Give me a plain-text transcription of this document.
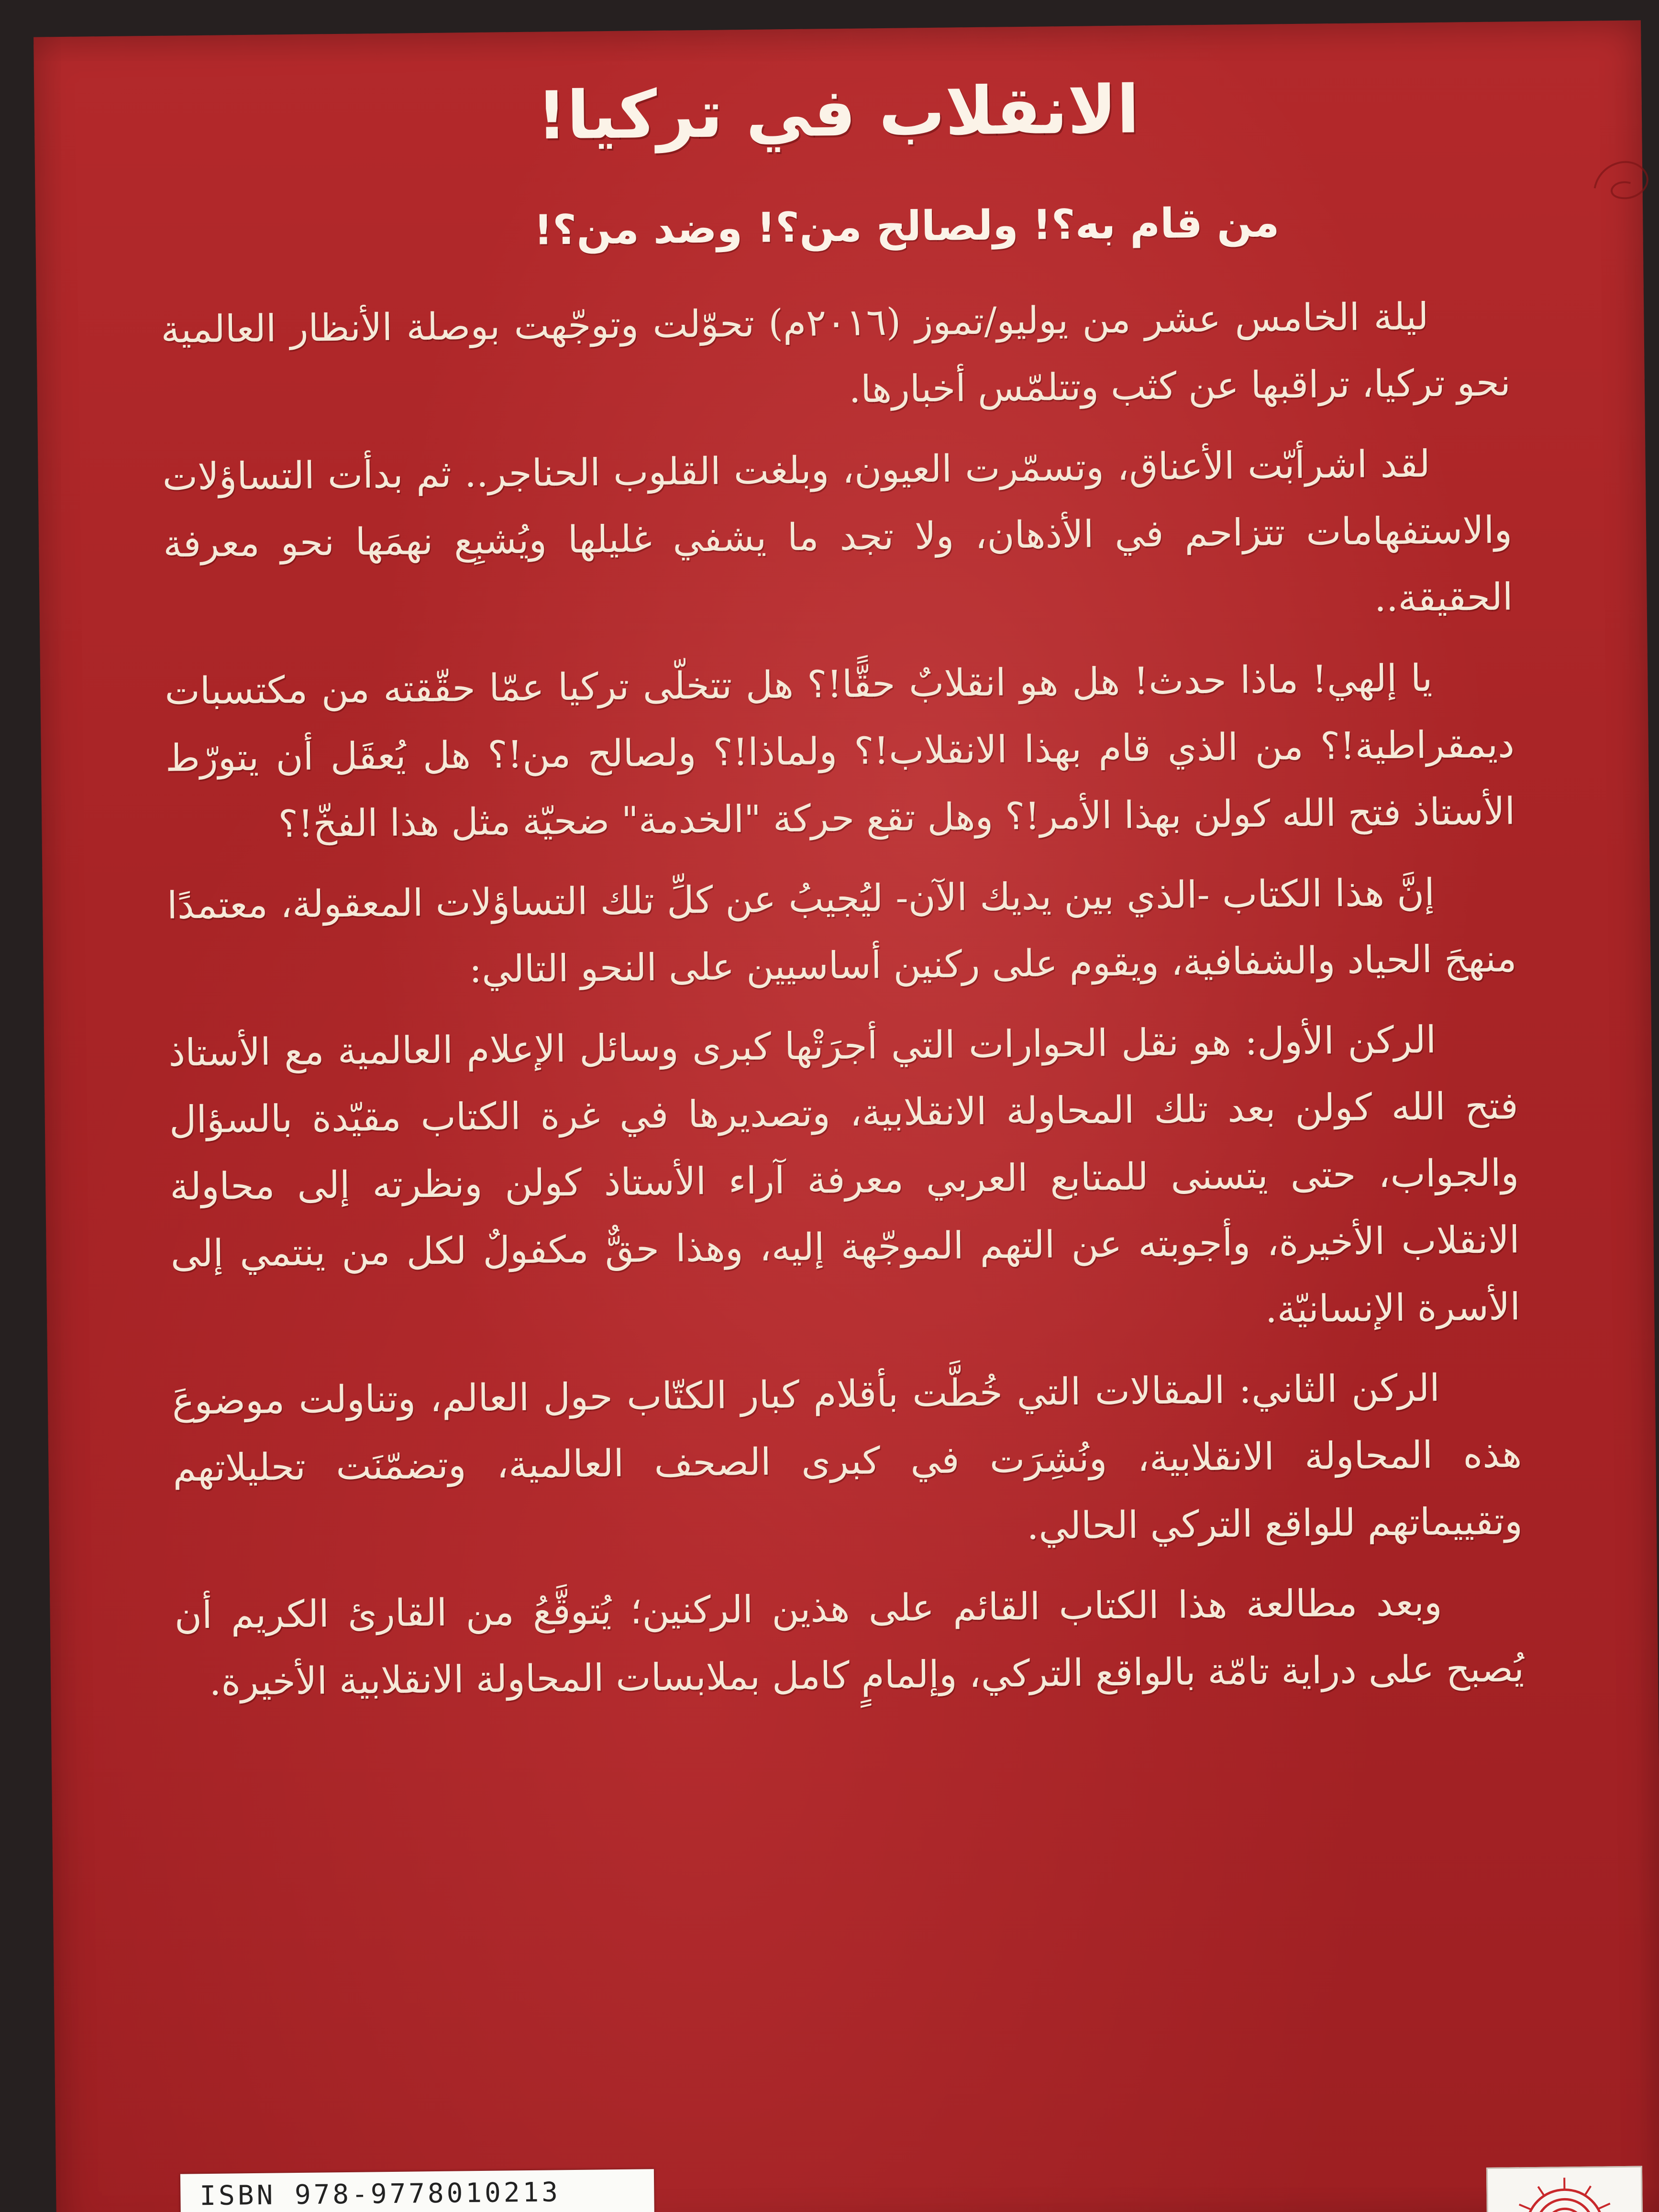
الانقلاب في تركيا!
من قام به؟! ولصالح من؟! وضد من؟!

ليلة الخامس عشر من يوليو/تموز (٢٠١٦م) تحوّلت وتوجّهت بوصلة الأنظار العالمية نحو تركيا، تراقبها عن كثب وتتلمّس أخبارها.

لقد اشرأبّت الأعناق، وتسمّرت العيون، وبلغت القلوب الحناجر.. ثم بدأت التساؤلات والاستفهامات تتزاحم في الأذهان، ولا تجد ما يشفي غليلها ويُشبِع نهمَها نحو معرفة الحقيقة..

يا إلهي! ماذا حدث! هل هو انقلابٌ حقًّا!؟ هل تتخلّى تركيا عمّا حقّقته من مكتسبات ديمقراطية!؟ من الذي قام بهذا الانقلاب!؟ ولماذا!؟ ولصالح من!؟ هل يُعقَل أن يتورّط الأستاذ فتح الله كولن بهذا الأمر!؟ وهل تقع حركة "الخدمة" ضحيّة مثل هذا الفخّ!؟

إنَّ هذا الكتاب -الذي بين يديك الآن- ليُجيبُ عن كلِّ تلك التساؤلات المعقولة، معتمدًا منهجَ الحياد والشفافية، ويقوم على ركنين أساسيين على النحو التالي:

الركن الأول: هو نقل الحوارات التي أجرَتْها كبرى وسائل الإعلام العالمية مع الأستاذ فتح الله كولن بعد تلك المحاولة الانقلابية، وتصديرها في غرة الكتاب مقيّدة بالسؤال والجواب، حتى يتسنى للمتابع العربي معرفة آراء الأستاذ كولن ونظرته إلى محاولة الانقلاب الأخيرة، وأجوبته عن التهم الموجّهة إليه، وهذا حقٌّ مكفولٌ لكل من ينتمي إلى الأسرة الإنسانيّة.

الركن الثاني: المقالات التي خُطَّت بأقلام كبار الكتّاب حول العالم، وتناولت موضوعَ هذه المحاولة الانقلابية، ونُشِرَت في كبرى الصحف العالمية، وتضمّنَت تحليلاتهم وتقييماتهم للواقع التركي الحالي.

وبعد مطالعة هذا الكتاب القائم على هذين الركنين؛ يُتوقَّعُ من القارئ الكريم أن يُصبح على دراية تامّة بالواقع التركي، وإلمامٍ كامل بملابسات المحاولة الانقلابية الأخيرة.

ISBN 978-9778010213
